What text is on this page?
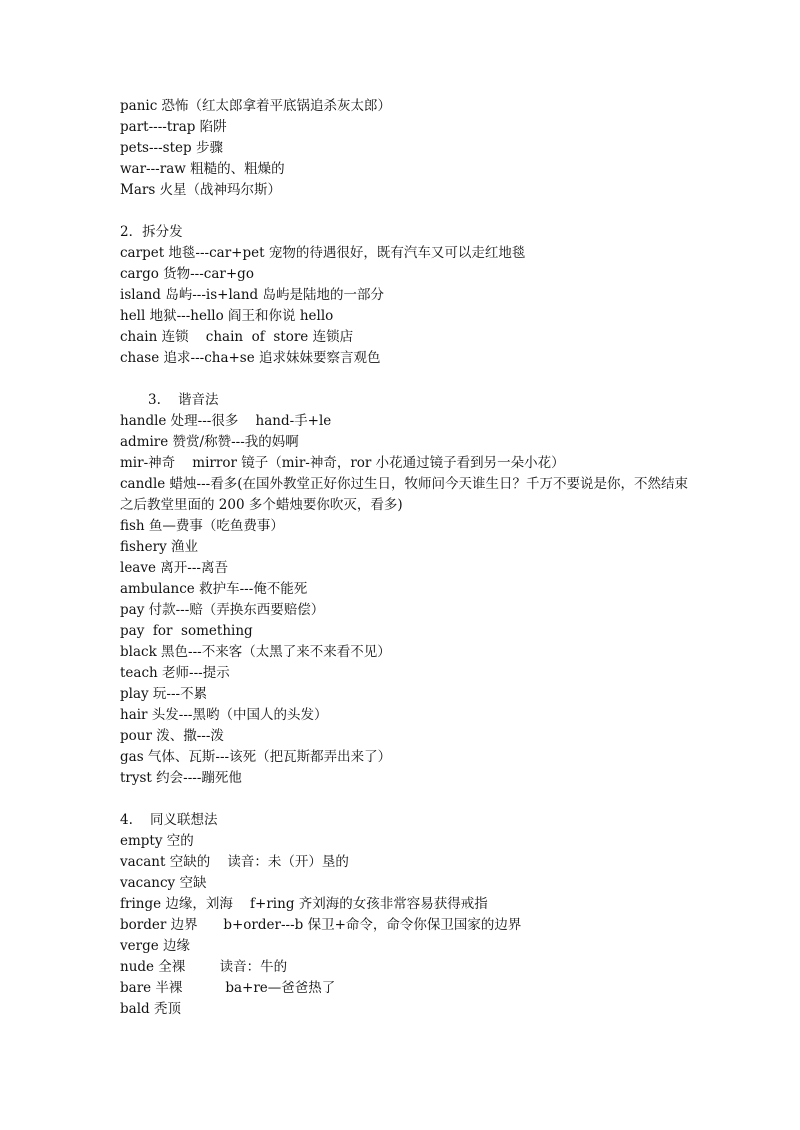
panic 恐怖（红太郎拿着平底锅追杀灰太郎）
part----trap 陷阱
pets---step 步骤
war---raw 粗糙的、粗燥的
Mars 火星（战神玛尔斯）
2．拆分发
carpet 地毯---car+pet 宠物的待遇很好，既有汽车又可以走红地毯
cargo 货物---car+go
island 岛屿---is+land 岛屿是陆地的一部分
hell 地狱---hello 阎王和你说 hello
chain 连锁    chain  of  store 连锁店
chase 追求---cha+se 追求妹妹要察言观色
3.    谐音法
handle 处理---很多    hand-手+le
admire 赞赏/称赞---我的妈啊
mir-神奇    mirror 镜子（mir-神奇，ror 小花通过镜子看到另一朵小花）
candle 蜡烛---看多(在国外教堂正好你过生日，牧师问今天谁生日？千万不要说是你，不然结束之后教堂里面的 200 多个蜡烛要你吹灭，看多)
fish 鱼—费事（吃鱼费事）
fishery 渔业
leave 离开---离吾
ambulance 救护车---俺不能死
pay 付款---赔（弄换东西要赔偿）
pay  for  something
black 黑色---不来客（太黑了来不来看不见）
teach 老师---提示
play 玩---不累
hair 头发---黑哟（中国人的头发）
pour 泼、撒---泼
gas 气体、瓦斯---该死（把瓦斯都弄出来了）
tryst 约会----蹦死他
4.    同义联想法
empty 空的
vacant 空缺的    读音：未（开）垦的
vacancy 空缺
fringe 边缘，刘海    f+ring 齐刘海的女孩非常容易获得戒指
border 边界      b+order---b 保卫+命令，命令你保卫国家的边界
verge 边缘
nude 全裸        读音：牛的
bare 半裸          ba+re—爸爸热了
bald 秃顶
